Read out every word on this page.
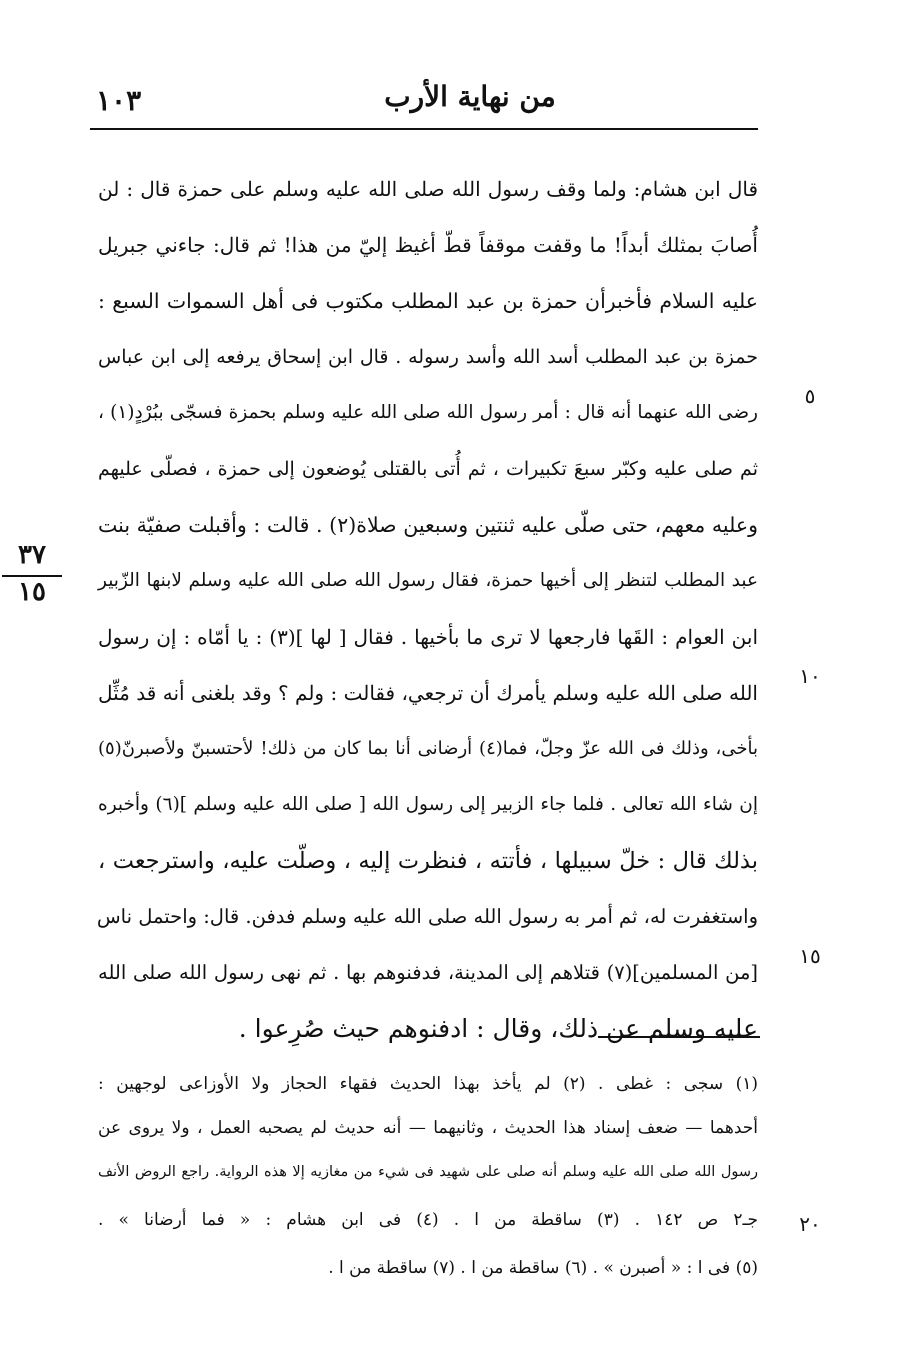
١٠٣	من نهاية الأرب
قال ابن هشام: ولما وقف رسول الله صلى الله عليه وسلم على حمزة قال : لن
أُصابَ بمثلك أبداً! ما وقفت موقفاً قطّ أغيظ إليّ من هذا! ثم قال: جاءني جبريل
عليه السلام فأخبرأن حمزة بن عبد المطلب مكتوب فى أهل السموات السبع :
حمزة بن عبد المطلب أسد الله وأسد رسوله . قال ابن إسحاق يرفعه إلى ابن عباس
رضى الله عنهما أنه قال : أمر رسول الله صلى الله عليه وسلم بحمزة فسجّى ببُرْدٍ(١) ،
ثم صلى عليه وكبّر سبعَ تكبيرات ، ثم أُتى بالقتلى يُوضعون إلى حمزة ، فصلّى عليهم
وعليه معهم، حتى صلّى عليه ثنتين وسبعين صلاة(٢) . قالت : وأقبلت صفيّة بنت
عبد المطلب لتنظر إلى أخيها حمزة، فقال رسول الله صلى الله عليه وسلم لابنها الزّبير
ابن العوام : القَها فارجعها لا ترى ما بأخيها . فقال [ لها ](٣) : يا أمّاه : إن رسول
الله صلى الله عليه وسلم يأمرك أن ترجعي، فقالت : ولم ؟ وقد بلغنى أنه قد مُثِّل
بأخى، وذلك فى الله عزّ وجلّ، فما(٤) أرضانى أنا بما كان من ذلك! لأحتسبنّ ولأصبرنّ(٥)
إن شاء الله تعالى . فلما جاء الزبير إلى رسول الله [ صلى الله عليه وسلم ](٦) وأخبره
بذلك قال : خلّ سبيلها ، فأتته ، فنظرت إليه ، وصلّت عليه، واسترجعت ،
واستغفرت له، ثم أمر به رسول الله صلى الله عليه وسلم فدفن. قال: واحتمل ناس
[من المسلمين](٧) قتلاهم إلى المدينة، فدفنوهم بها . ثم نهى رسول الله صلى الله
عليه وسلم عن ذلك، وقال : ادفنوهم حيث صُرِعوا .
٥
١٠
١٥
٢٠
٣٧
١٥
(١) سجى : غطى . (٢) لم يأخذ بهذا الحديث فقهاء الحجاز ولا الأوزاعى لوجهين :
أحدهما — ضعف إسناد هذا الحديث ، وثانيهما — أنه حديث لم يصحبه العمل ، ولا يروى عن
رسول الله صلى الله عليه وسلم أنه صلى على شهيد فى شيء من مغازيه إلا هذه الرواية. راجع الروض الأنف
جـ٢ ص ١٤٢ . (٣) ساقطة من ا . (٤) فى ابن هشام : « فما أرضانا » .
(٥) فى ا : « أصبرن » . (٦) ساقطة من ا . (٧) ساقطة من ا .
